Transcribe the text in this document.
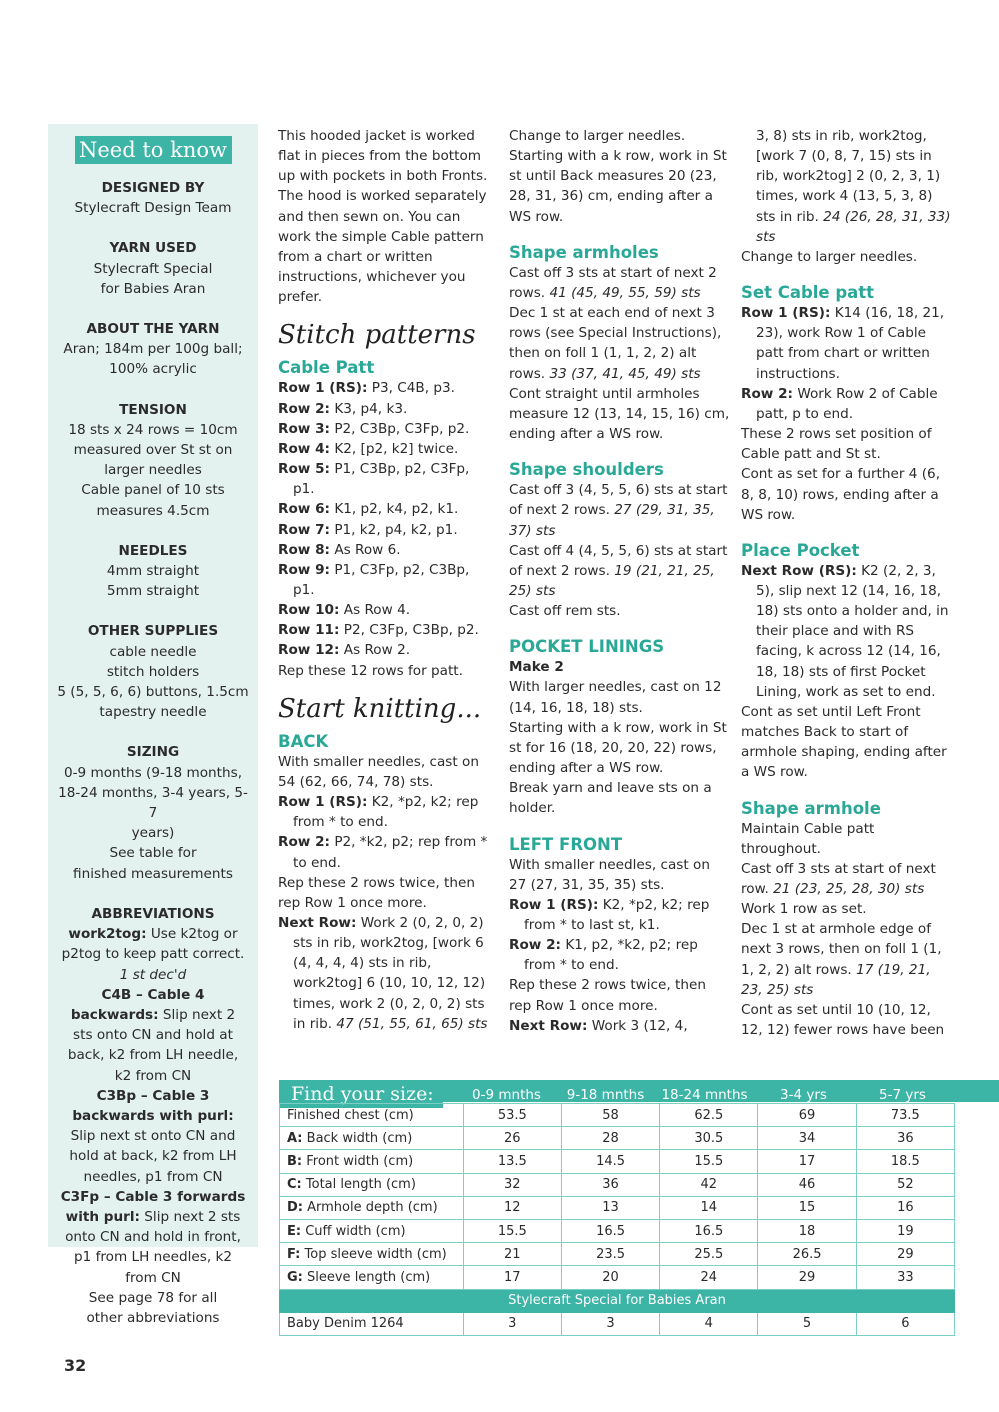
Need to know
DESIGNED BY
Stylecraft Design Team
YARN USED
Stylecraft Special
for Babies Aran
ABOUT THE YARN
Aran; 184m per 100g ball;
100% acrylic
TENSION
18 sts x 24 rows = 10cm
measured over St st on
larger needles
Cable panel of 10 sts
measures 4.5cm
NEEDLES
4mm straight
5mm straight
OTHER SUPPLIES
cable needle
stitch holders
5 (5, 5, 6, 6) buttons, 1.5cm
tapestry needle
SIZING
0-9 months (9-18 months,
18-24 months, 3-4 years, 5-7
years)
See table for
finished measurements
ABBREVIATIONS
work2tog: Use k2tog or p2tog to keep patt correct. 1 st dec'd
C4B – Cable 4 backwards: Slip next 2 sts onto CN and hold at back, k2 from LH needle, k2 from CN
C3Bp – Cable 3 backwards with purl: Slip next st onto CN and hold at back, k2 from LH needles, p1 from CN
C3Fp – Cable 3 forwards with purl: Slip next 2 sts onto CN and hold in front, p1 from LH needles, k2 from CN
See page 78 for all
other abbreviations
This hooded jacket is worked flat in pieces from the bottom up with pockets in both Fronts. The hood is worked separately and then sewn on. You can work the simple Cable pattern from a chart or written instructions, whichever you prefer.
Stitch patterns
Cable Patt
Row 1 (RS): P3, C4B, p3.
Row 2: K3, p4, k3.
Row 3: P2, C3Bp, C3Fp, p2.
Row 4: K2, [p2, k2] twice.
Row 5: P1, C3Bp, p2, C3Fp, p1.
Row 6: K1, p2, k4, p2, k1.
Row 7: P1, k2, p4, k2, p1.
Row 8: As Row 6.
Row 9: P1, C3Fp, p2, C3Bp, p1.
Row 10: As Row 4.
Row 11: P2, C3Fp, C3Bp, p2.
Row 12: As Row 2.
Rep these 12 rows for patt.
Start knitting...
BACK
With smaller needles, cast on 54 (62, 66, 74, 78) sts.
Row 1 (RS): K2, *p2, k2; rep from * to end.
Row 2: P2, *k2, p2; rep from * to end.
Rep these 2 rows twice, then rep Row 1 once more.
Next Row: Work 2 (0, 2, 0, 2) sts in rib, work2tog, [work 6 (4, 4, 4, 4) sts in rib, work2tog] 6 (10, 10, 12, 12) times, work 2 (0, 2, 0, 2) sts in rib. 47 (51, 55, 61, 65) sts
Change to larger needles. Starting with a k row, work in St st until Back measures 20 (23, 28, 31, 36) cm, ending after a WS row.
Shape armholes
Cast off 3 sts at start of next 2 rows. 41 (45, 49, 55, 59) sts
Dec 1 st at each end of next 3 rows (see Special Instructions), then on foll 1 (1, 1, 2, 2) alt rows. 33 (37, 41, 45, 49) sts
Cont straight until armholes measure 12 (13, 14, 15, 16) cm, ending after a WS row.
Shape shoulders
Cast off 3 (4, 5, 5, 6) sts at start of next 2 rows. 27 (29, 31, 35, 37) sts
Cast off 4 (4, 5, 5, 6) sts at start of next 2 rows. 19 (21, 21, 25, 25) sts
Cast off rem sts.
POCKET LININGS
Make 2
With larger needles, cast on 12 (14, 16, 18, 18) sts.
Starting with a k row, work in St st for 16 (18, 20, 20, 22) rows, ending after a WS row.
Break yarn and leave sts on a holder.
LEFT FRONT
With smaller needles, cast on 27 (27, 31, 35, 35) sts.
Row 1 (RS): K2, *p2, k2; rep from * to last st, k1.
Row 2: K1, p2, *k2, p2; rep from * to end.
Rep these 2 rows twice, then rep Row 1 once more.
Next Row: Work 3 (12, 4,
3, 8) sts in rib, work2tog, [work 7 (0, 8, 7, 15) sts in rib, work2tog] 2 (0, 2, 3, 1) times, work 4 (13, 5, 3, 8) sts in rib. 24 (26, 28, 31, 33) sts
Change to larger needles.
Set Cable patt
Row 1 (RS): K14 (16, 18, 21, 23), work Row 1 of Cable patt from chart or written instructions.
Row 2: Work Row 2 of Cable patt, p to end.
These 2 rows set position of Cable patt and St st.
Cont as set for a further 4 (6, 8, 8, 10) rows, ending after a WS row.
Place Pocket
Next Row (RS): K2 (2, 2, 3, 5), slip next 12 (14, 16, 18, 18) sts onto a holder and, in their place and with RS facing, k across 12 (14, 16, 18, 18) sts of first Pocket Lining, work as set to end.
Cont as set until Left Front matches Back to start of armhole shaping, ending after a WS row.
Shape armhole
Maintain Cable patt throughout.
Cast off 3 sts at start of next row. 21 (23, 25, 28, 30) sts
Work 1 row as set.
Dec 1 st at armhole edge of next 3 rows, then on foll 1 (1, 1, 2, 2) alt rows. 17 (19, 21, 23, 25) sts
Cont as set until 10 (10, 12, 12, 12) fewer rows have been
Find your size:	0-9 mnths	9-18 mnths	18-24 mnths	3-4 yrs	5-7 yrs
Finished chest (cm)	53.5	58	62.5	69	73.5
A: Back width (cm)	26	28	30.5	34	36
B: Front width (cm)	13.5	14.5	15.5	17	18.5
C: Total length (cm)	32	36	42	46	52
D: Armhole depth (cm)	12	13	14	15	16
E: Cuff width (cm)	15.5	16.5	16.5	18	19
F: Top sleeve width (cm)	21	23.5	25.5	26.5	29
G: Sleeve length (cm)	17	20	24	29	33
Stylecraft Special for Babies Aran					
Baby Denim 1264	3	3	4	5	6
32
